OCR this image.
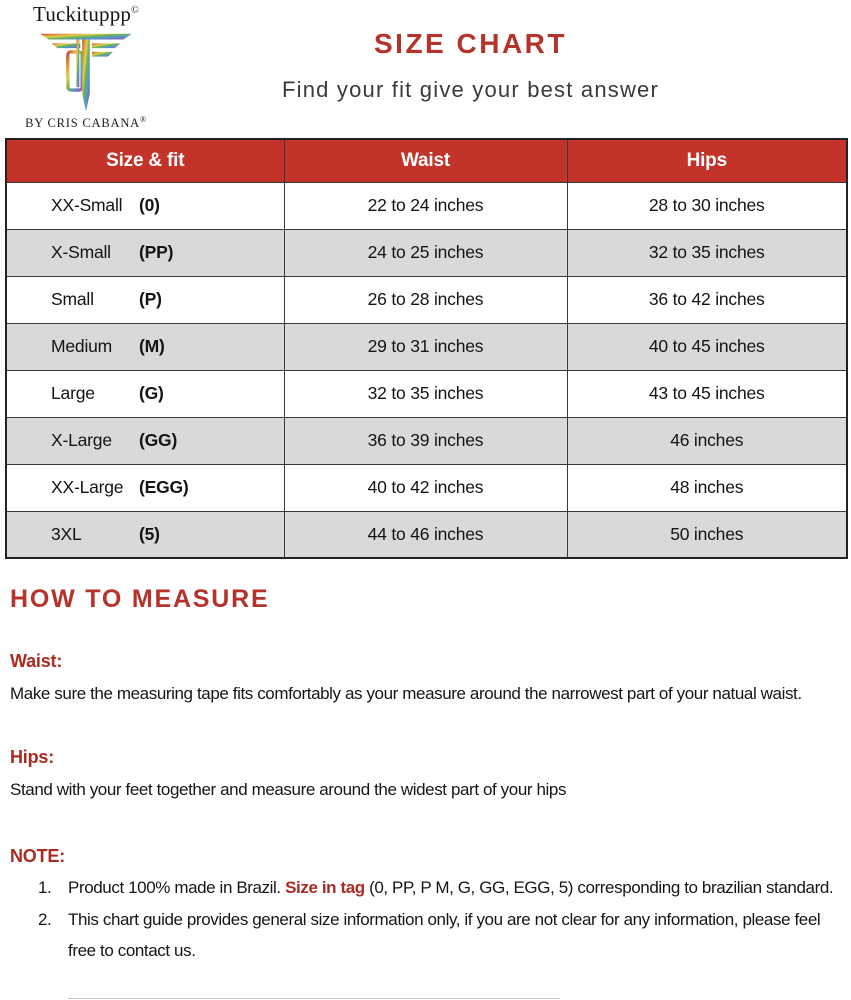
Tuckituppp©
BY CRIS CABANA®
SIZE CHART

Find your fit give your best answer

Size & fit	Waist	Hips
XX-Small (0)	22 to 24 inches	28 to 30 inches
X-Small (PP)	24 to 25 inches	32 to 35 inches
Small (P)	26 to 28 inches	36 to 42 inches
Medium (M)	29 to 31 inches	40 to 45 inches
Large (G)	32 to 35 inches	43 to 45 inches
X-Large (GG)	36 to 39 inches	46 inches
XX-Large (EGG)	40 to 42 inches	48 inches
3XL (5)	44 to 46 inches	50 inches
HOW TO MEASURE
Waist:

Make sure the measuring tape fits comfortably as your measure around the narrowest part of your natual waist.

Hips:

Stand with your feet together and measure around the widest part of your hips

NOTE:
1. Product 100% made in Brazil. Size in tag (0, PP, P M, G, GG, EGG, 5) corresponding to brazilian standard.
2. This chart guide provides general size information only, if you are not clear for any information, please feel free to contact us.
